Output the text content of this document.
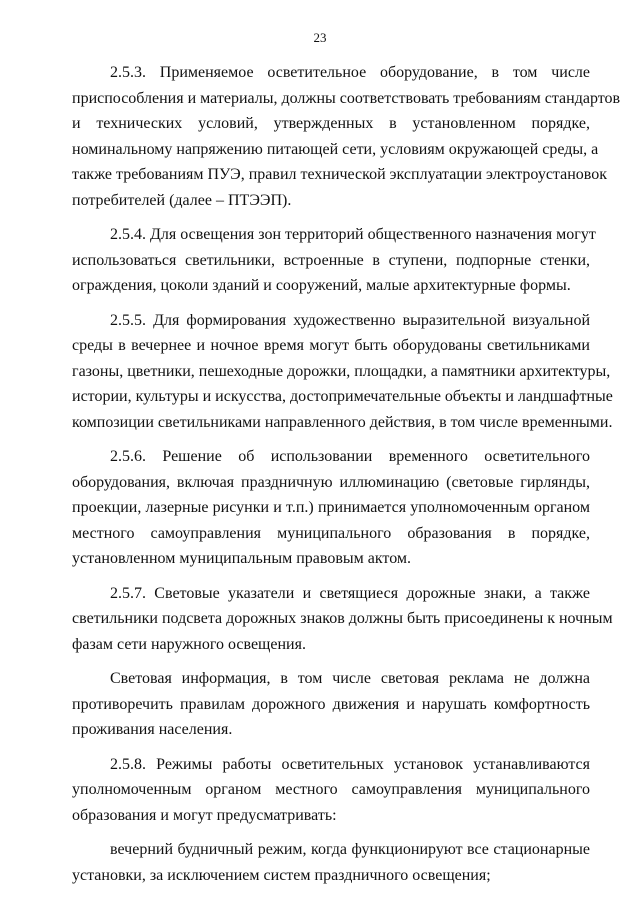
23
2.5.3. Применяемое осветительное оборудование, в том числе
приспособления и материалы, должны соответствовать требованиям стандартов
и технических условий, утвержденных в установленном порядке,
номинальному напряжению питающей сети, условиям окружающей среды, а
также требованиям ПУЭ, правил технической эксплуатации электроустановок
потребителей (далее – ПТЭЭП).
2.5.4. Для освещения зон территорий общественного назначения могут
использоваться светильники, встроенные в ступени, подпорные стенки,
ограждения, цоколи зданий и сооружений, малые архитектурные формы.
2.5.5. Для формирования художественно выразительной визуальной
среды в вечернее и ночное время могут быть оборудованы светильниками
газоны, цветники, пешеходные дорожки, площадки, а памятники архитектуры,
истории, культуры и искусства, достопримечательные объекты и ландшафтные
композиции светильниками направленного действия, в том числе временными.
2.5.6. Решение об использовании временного осветительного
оборудования, включая праздничную иллюминацию (световые гирлянды,
проекции, лазерные рисунки и т.п.) принимается уполномоченным органом
местного самоуправления муниципального образования в порядке,
установленном муниципальным правовым актом.
2.5.7. Световые указатели и светящиеся дорожные знаки, а также
светильники подсвета дорожных знаков должны быть присоединены к ночным
фазам сети наружного освещения.
Световая информация, в том числе световая реклама не должна
противоречить правилам дорожного движения и нарушать комфортность
проживания населения.
2.5.8. Режимы работы осветительных установок устанавливаются
уполномоченным органом местного самоуправления муниципального
образования и могут предусматривать:
вечерний будничный режим, когда функционируют все стационарные
установки, за исключением систем праздничного освещения;
